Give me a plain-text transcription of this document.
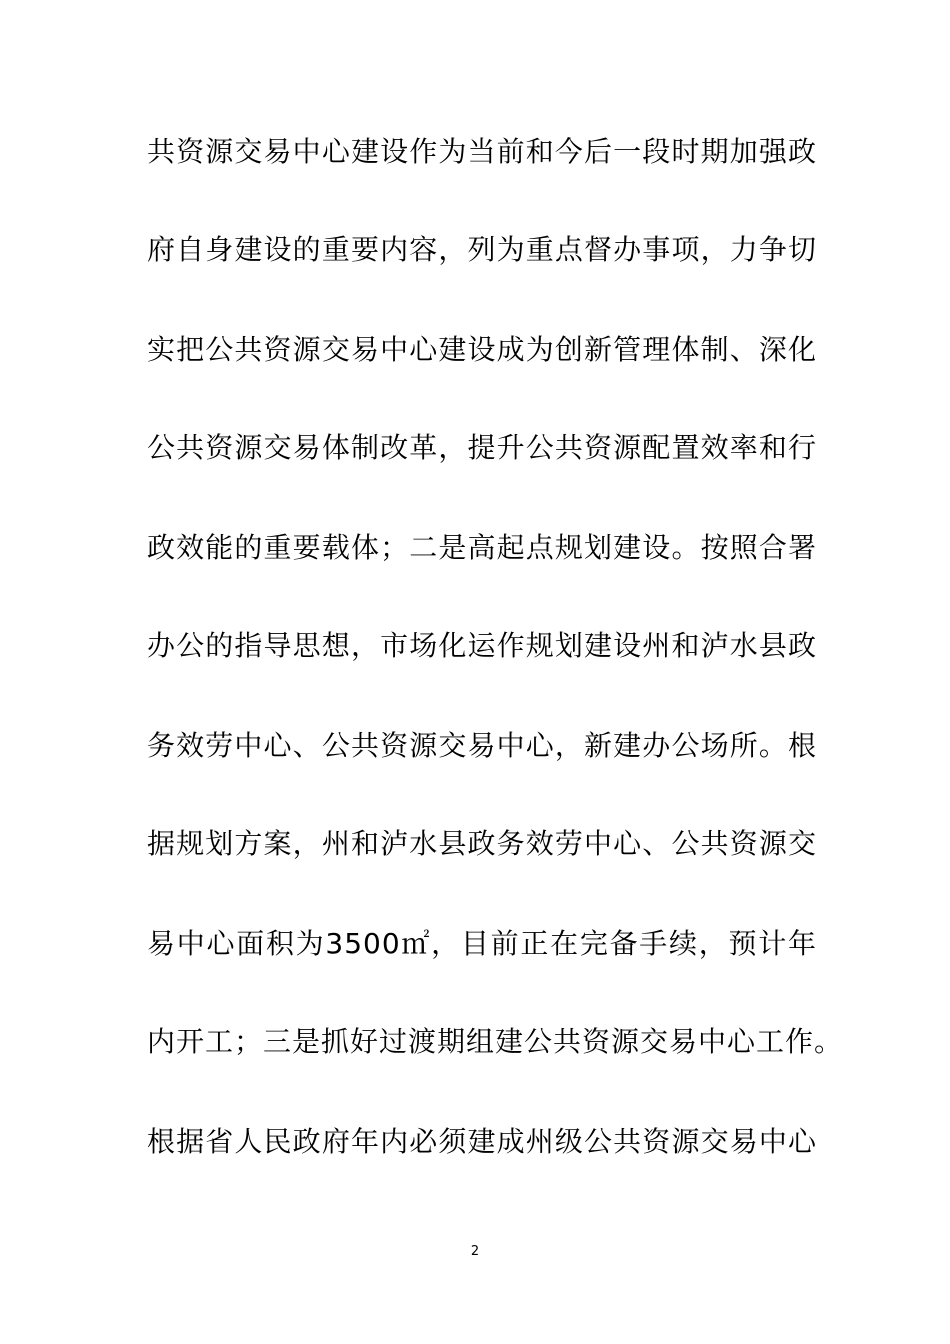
共资源交易中心建设作为当前和今后一段时期加强政
府自身建设的重要内容，列为重点督办事项，力争切
实把公共资源交易中心建设成为创新管理体制、深化
公共资源交易体制改革，提升公共资源配置效率和行
政效能的重要载体；二是高起点规划建设。按照合署
办公的指导思想，市场化运作规划建设州和泸水县政
务效劳中心、公共资源交易中心，新建办公场所。根
据规划方案，州和泸水县政务效劳中心、公共资源交
易中心面积为3500㎡，目前正在完备手续，预计年
内开工；三是抓好过渡期组建公共资源交易中心工作。
根据省人民政府年内必须建成州级公共资源交易中心
2
